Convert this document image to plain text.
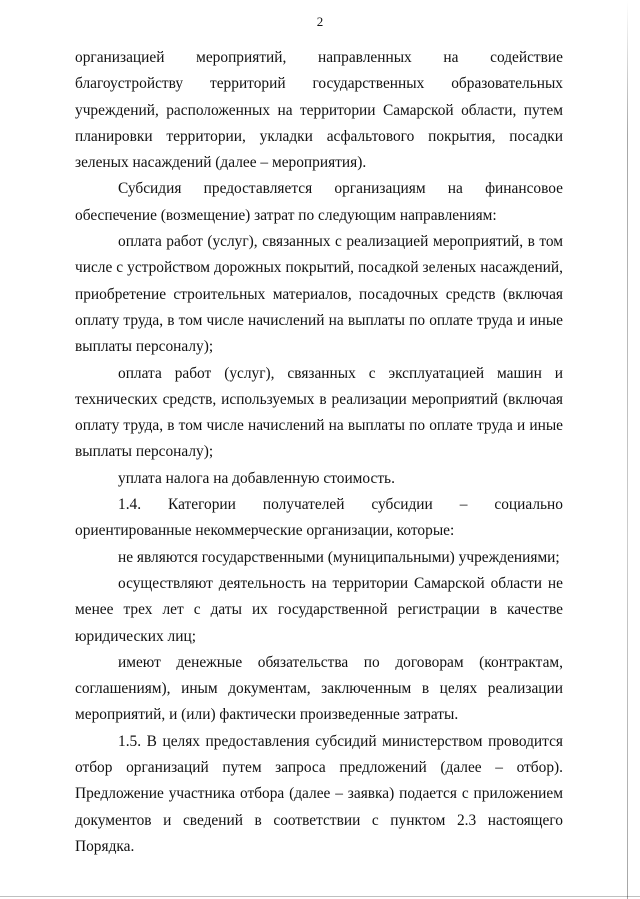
2

организацией мероприятий, направленных на содействие благоустройству территорий государственных образовательных учреждений, расположенных на территории Самарской области, путем планировки территории, укладки асфальтового покрытия, посадки зеленых насаждений (далее – мероприятия).

Субсидия предоставляется организациям на финансовое обеспечение (возмещение) затрат по следующим направлениям:

оплата работ (услуг), связанных с реализацией мероприятий, в том числе с устройством дорожных покрытий, посадкой зеленых насаждений, приобретение строительных материалов, посадочных средств (включая оплату труда, в том числе начислений на выплаты по оплате труда и иные выплаты персоналу);

оплата работ (услуг), связанных с эксплуатацией машин и технических средств, используемых в реализации мероприятий (включая оплату труда, в том числе начислений на выплаты по оплате труда и иные выплаты персоналу);

уплата налога на добавленную стоимость.

1.4. Категории получателей субсидии – социально ориентированные некоммерческие организации, которые:

не являются государственными (муниципальными) учреждениями;

осуществляют деятельность на территории Самарской области не менее трех лет с даты их государственной регистрации в качестве юридических лиц;

имеют денежные обязательства по договорам (контрактам, соглашениям), иным документам, заключенным в целях реализации мероприятий, и (или) фактически произведенные затраты.

1.5. В целях предоставления субсидий министерством проводится отбор организаций путем запроса предложений (далее – отбор). Предложение участника отбора (далее – заявка) подается с приложением документов и сведений в соответствии с пунктом 2.3 настоящего Порядка.
